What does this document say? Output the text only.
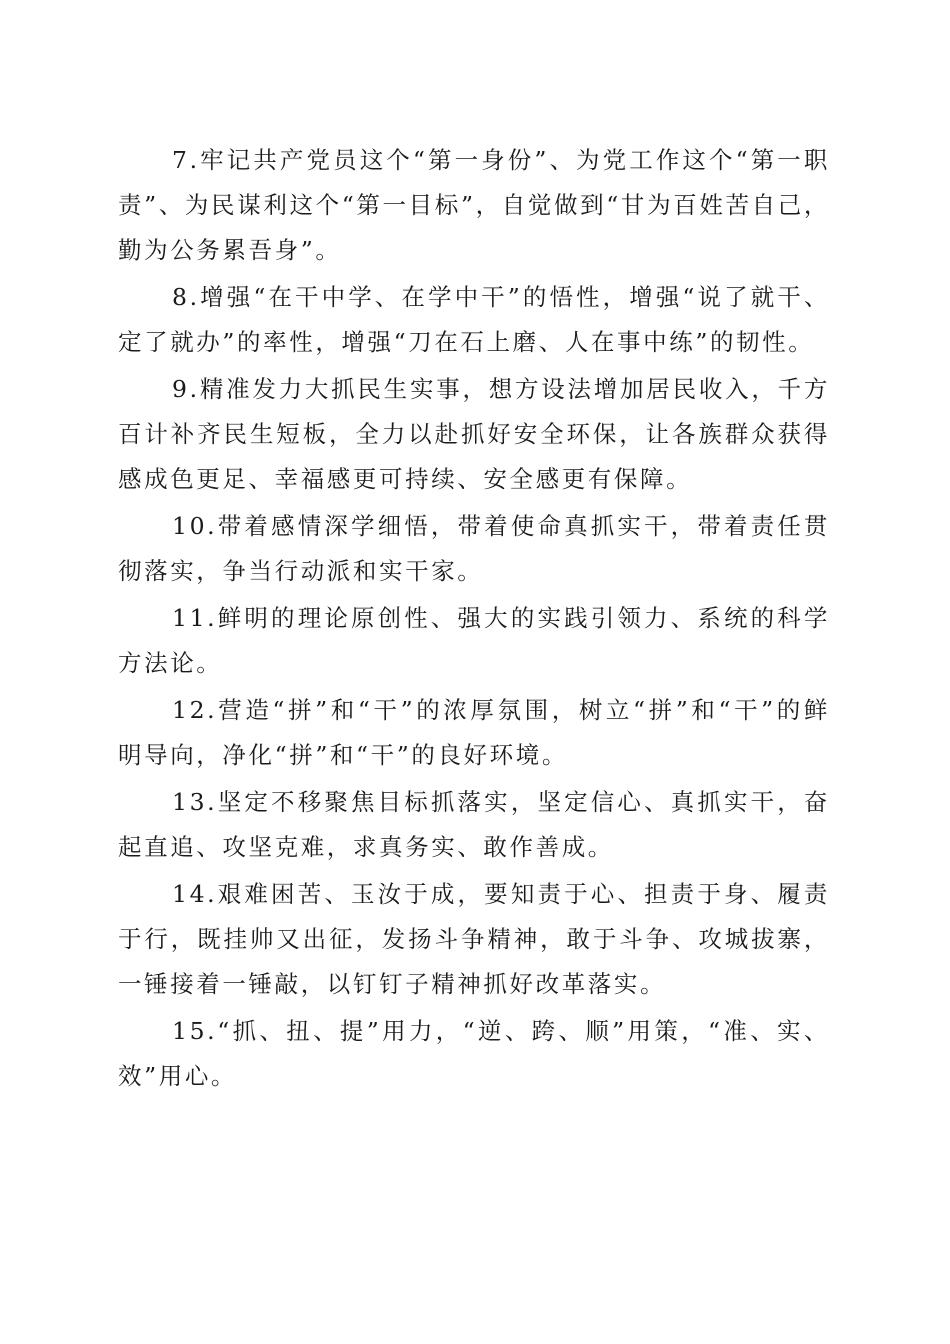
7.牢记共产党员这个“第一身份”、为党工作这个“第一职责”、为民谋利这个“第一目标”，自觉做到“甘为百姓苦自己，勤为公务累吾身”。

8.增强“在干中学、在学中干”的悟性，增强“说了就干、定了就办”的率性，增强“刀在石上磨、人在事中练”的韧性。

9.精准发力大抓民生实事，想方设法增加居民收入，千方百计补齐民生短板，全力以赴抓好安全环保，让各族群众获得感成色更足、幸福感更可持续、安全感更有保障。

10.带着感情深学细悟，带着使命真抓实干，带着责任贯彻落实，争当行动派和实干家。

11.鲜明的理论原创性、强大的实践引领力、系统的科学方法论。

12.营造“拼”和“干”的浓厚氛围，树立“拼”和“干”的鲜明导向，净化“拼”和“干”的良好环境。

13.坚定不移聚焦目标抓落实，坚定信心、真抓实干，奋起直追、攻坚克难，求真务实、敢作善成。

14.艰难困苦、玉汝于成，要知责于心、担责于身、履责于行，既挂帅又出征，发扬斗争精神，敢于斗争、攻城拔寨，一锤接着一锤敲，以钉钉子精神抓好改革落实。

15.“抓、扭、提”用力，“逆、跨、顺”用策，“准、实、效”用心。
